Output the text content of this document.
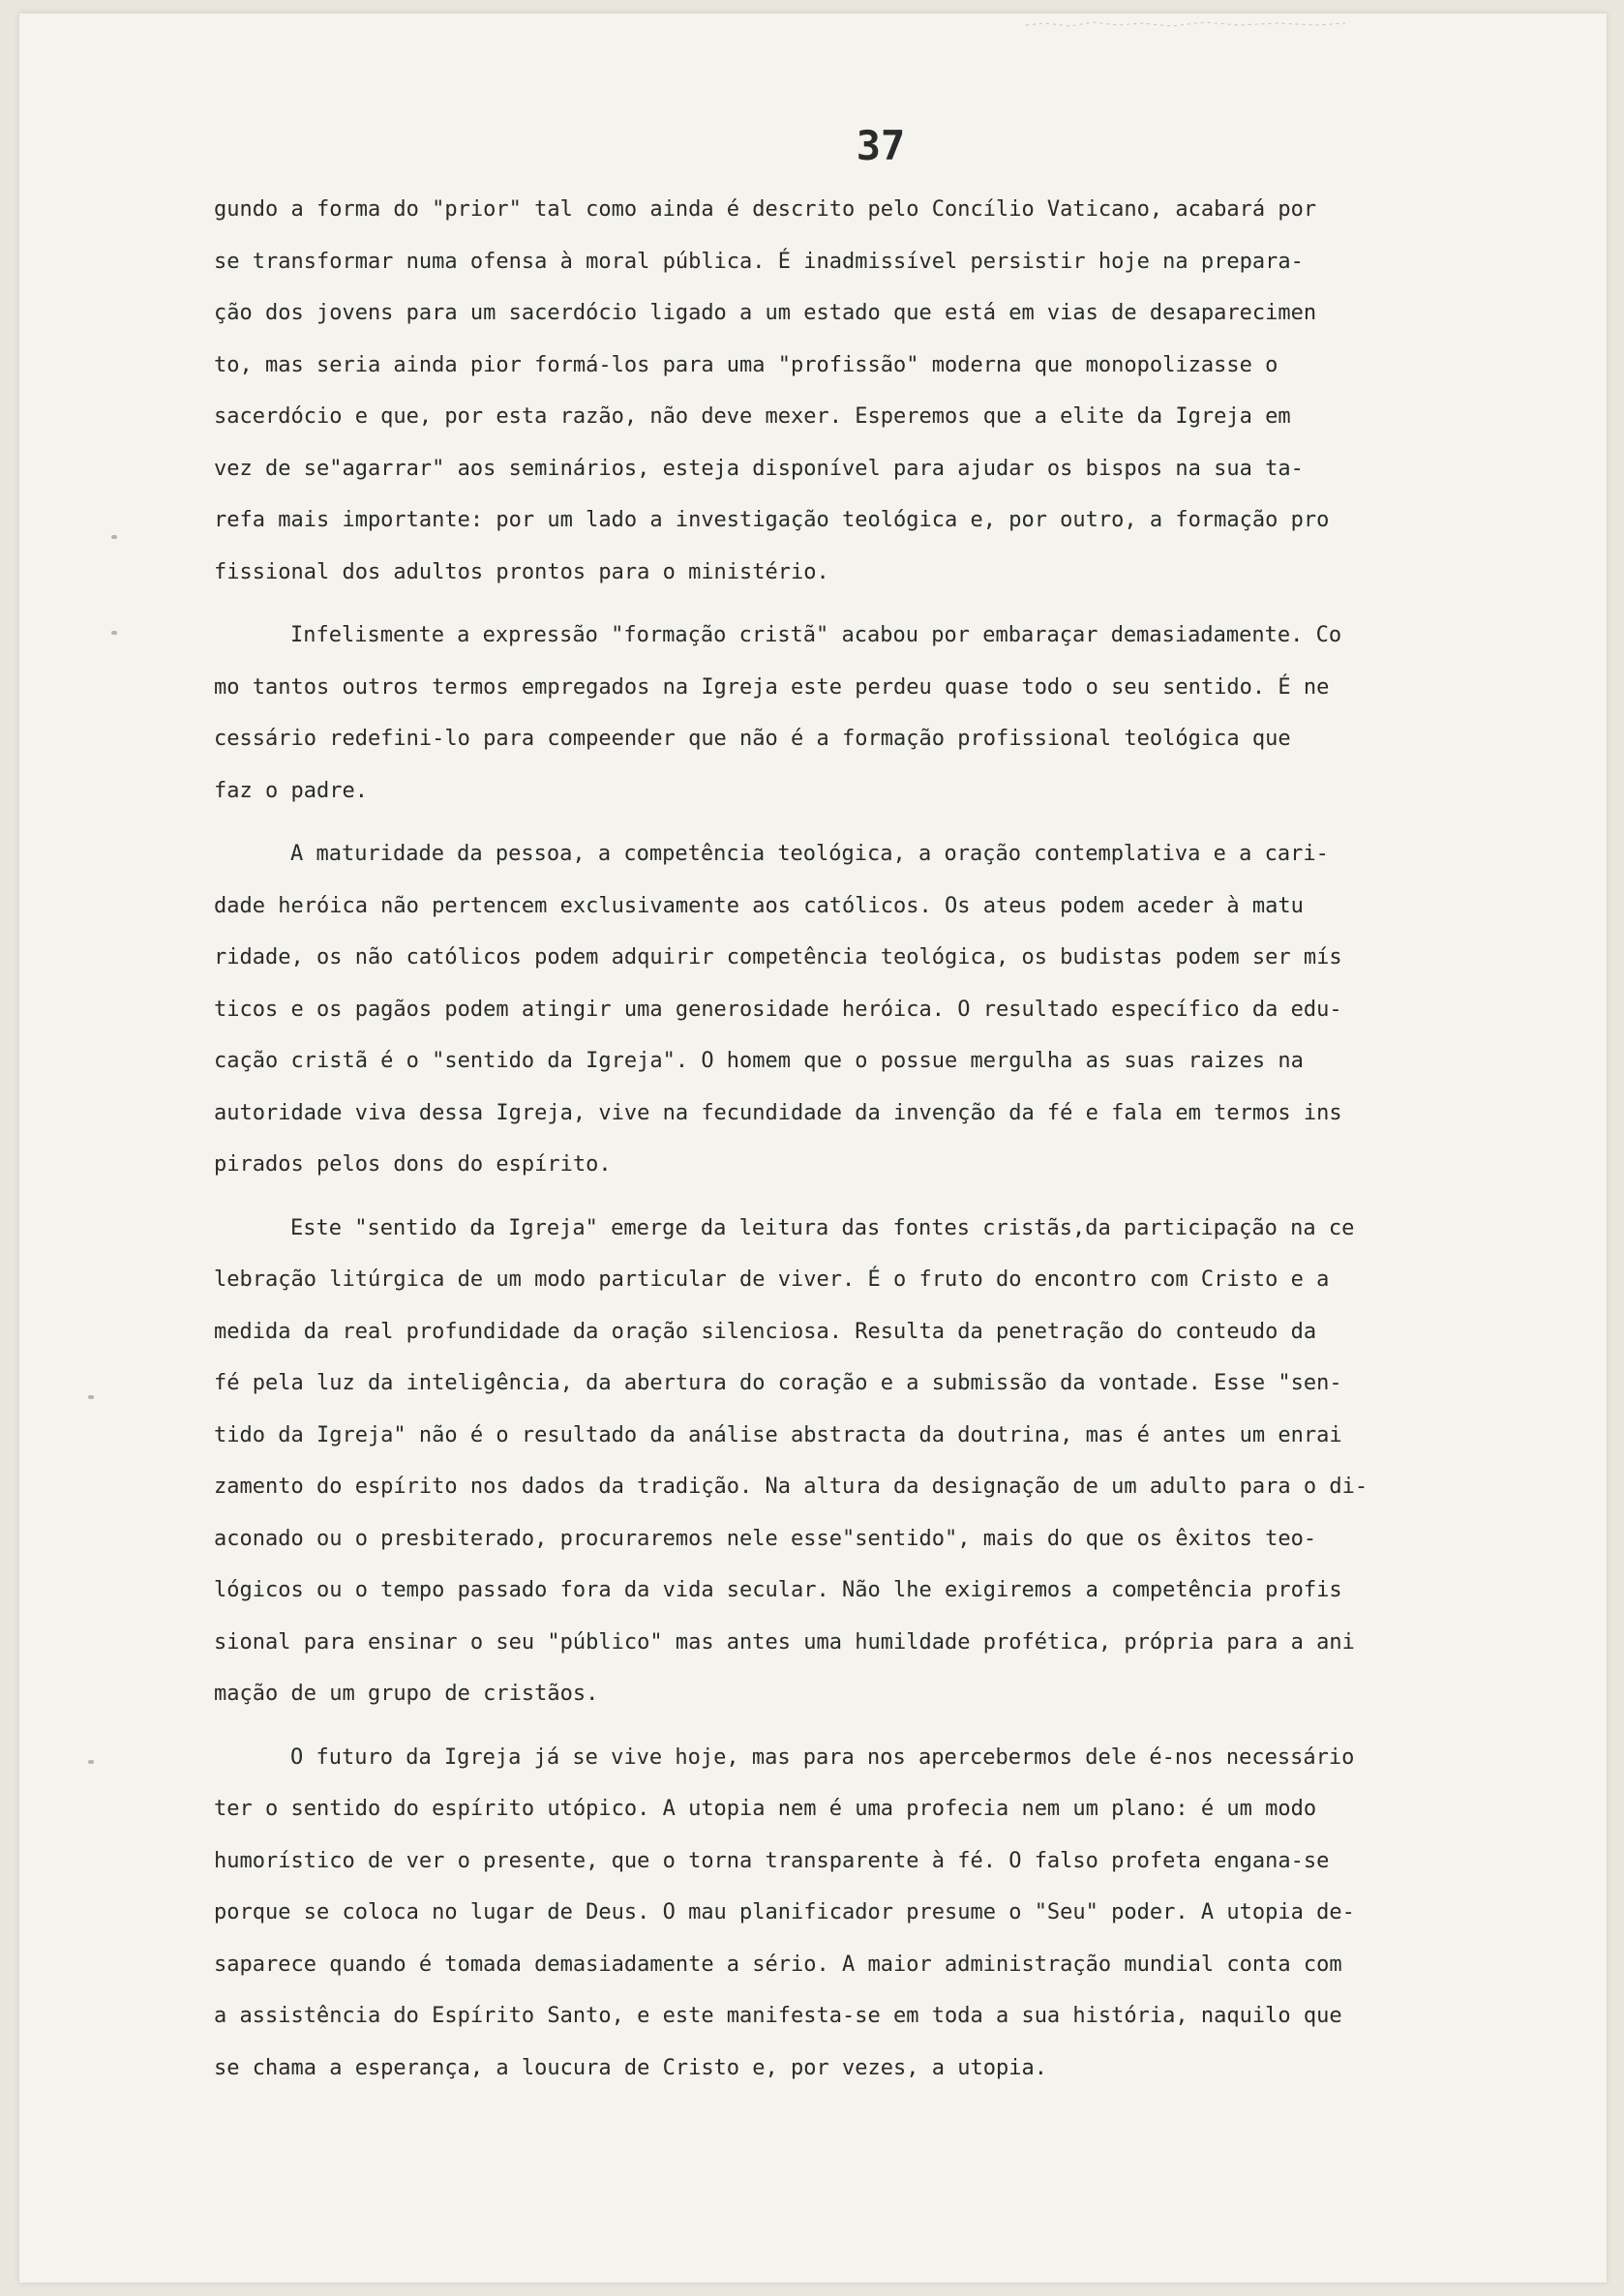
37
gundo a forma do "prior" tal como ainda é descrito pelo Concílio Vaticano, acabará por
se transformar numa ofensa à moral pública. É inadmissível persistir hoje na prepara-
ção dos jovens para um sacerdócio ligado a um estado que está em vias de desaparecimen
to, mas seria ainda pior formá-los para uma "profissão" moderna que monopolizasse o
sacerdócio e que, por esta razão, não deve mexer. Esperemos que a elite da Igreja em
vez de se"agarrar" aos seminários, esteja disponível para ajudar os bispos na sua ta-
refa mais importante: por um lado a investigação teológica e, por outro, a formação pro
fissional dos adultos prontos para o ministério.
Infelismente a expressão "formação cristã" acabou por embaraçar demasiadamente. Co
mo tantos outros termos empregados na Igreja este perdeu quase todo o seu sentido. É ne
cessário redefini-lo para compeender que não é a formação profissional teológica que
faz o padre.
A maturidade da pessoa, a competência teológica, a oração contemplativa e a cari-
dade heróica não pertencem exclusivamente aos católicos. Os ateus podem aceder à matu
ridade, os não católicos podem adquirir competência teológica, os budistas podem ser mís
ticos e os pagãos podem atingir uma generosidade heróica. O resultado específico da edu-
cação cristã é o "sentido da Igreja". O homem que o possue mergulha as suas raizes na
autoridade viva dessa Igreja, vive na fecundidade da invenção da fé e fala em termos ins
pirados pelos dons do espírito.
Este "sentido da Igreja" emerge da leitura das fontes cristãs,da participação na ce
lebração litúrgica de um modo particular de viver. É o fruto do encontro com Cristo e a
medida da real profundidade da oração silenciosa. Resulta da penetração do conteudo da
fé pela luz da inteligência, da abertura do coração e a submissão da vontade. Esse "sen-
tido da Igreja" não é o resultado da análise abstracta da doutrina, mas é antes um enrai
zamento do espírito nos dados da tradição. Na altura da designação de um adulto para o di-
aconado ou o presbiterado, procuraremos nele esse"sentido", mais do que os êxitos teo-
lógicos ou o tempo passado fora da vida secular. Não lhe exigiremos a competência profis
sional para ensinar o seu "público" mas antes uma humildade profética, própria para a ani
mação de um grupo de cristãos.
O futuro da Igreja já se vive hoje, mas para nos apercebermos dele é-nos necessário
ter o sentido do espírito utópico. A utopia nem é uma profecia nem um plano: é um modo
humorístico de ver o presente, que o torna transparente à fé. O falso profeta engana-se
porque se coloca no lugar de Deus. O mau planificador presume o "Seu" poder. A utopia de-
saparece quando é tomada demasiadamente a sério. A maior administração mundial conta com
a assistência do Espírito Santo, e este manifesta-se em toda a sua história, naquilo que
se chama a esperança, a loucura de Cristo e, por vezes, a utopia.
